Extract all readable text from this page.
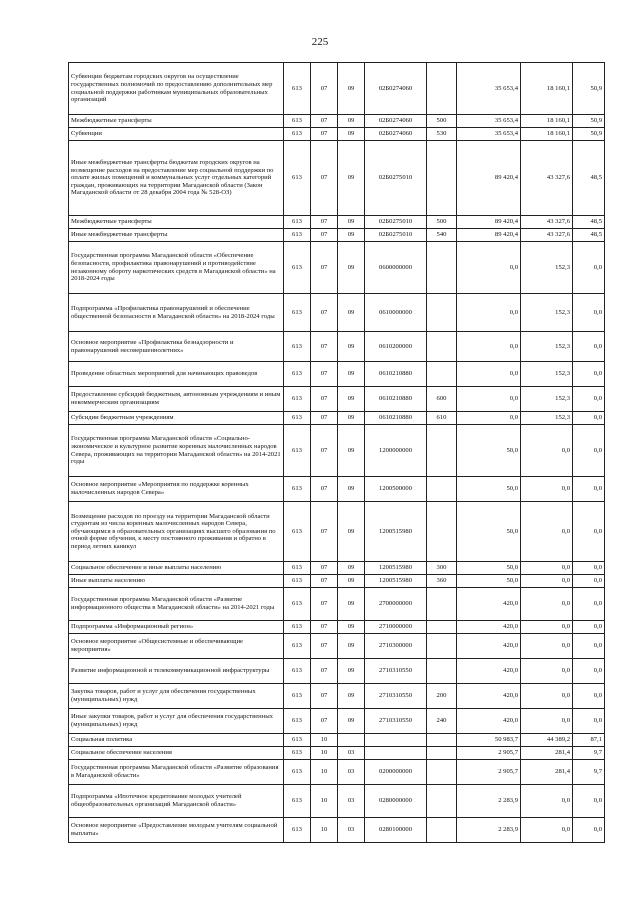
225
Субвенции бюджетам городских округов на осуществление государственных полномочий по предоставлению дополнительных мер социальной поддержки работникам муниципальных образовательных организаций	613	07	09	02Б0274060		35 653,4	18 160,1	50,9
Межбюджетные трансферты	613	07	09	02Б0274060	500	35 653,4	18 160,1	50,9
Субвенции	613	07	09	02Б0274060	530	35 653,4	18 160,1	50,9
Иные межбюджетные трансферты бюджетам городских округов на возмещение расходов на предоставление мер социальной поддержки по оплате жилых помещений и коммунальных услуг отдельных категорий граждан, проживающих на территории Магаданской области (Закон Магаданской области от 28 декабря 2004 года № 528-ОЗ)	613	07	09	02Б0275010		89 420,4	43 327,6	48,5
Межбюджетные трансферты	613	07	09	02Б0275010	500	89 420,4	43 327,6	48,5
Иные межбюджетные трансферты	613	07	09	02Б0275010	540	89 420,4	43 327,6	48,5
Государственная программа Магаданской области «Обеспечение безопасности, профилактика правонарушений и противодействие незаконному обороту наркотических средств в Магаданской области» на 2018-2024 годы	613	07	09	0600000000		0,0	152,3	0,0
Подпрограмма «Профилактика правонарушений и обеспечение общественной безопасности в Магаданской области» на 2018-2024 годы	613	07	09	0610000000		0,0	152,3	0,0
Основное мероприятие «Профилактика безнадзорности и правонарушений несовершеннолетних»	613	07	09	0610200000		0,0	152,3	0,0
Проведение областных мероприятий для начинающих правоведов	613	07	09	0610210880		0,0	152,3	0,0
Предоставление субсидий бюджетным, автономным учреждениям и иным некоммерческим организациям	613	07	09	0610210880	600	0,0	152,3	0,0
Субсидии бюджетным учреждениям	613	07	09	0610210880	610	0,0	152,3	0,0
Государственная программа Магаданской области «Социально-экономическое и культурное развитие коренных малочисленных народов Севера, проживающих на территории Магаданской области» на 2014-2021 годы	613	07	09	1200000000		50,0	0,0	0,0
Основное мероприятие «Мероприятия по поддержке коренных малочисленных народов Севера»	613	07	09	1200500000		50,0	0,0	0,0
Возмещение расходов по проезду на территории Магаданской области студентам из числа коренных малочисленных народов Севера, обучающимся в образовательных организациях высшего образования по очной форме обучения, к месту постоянного проживания и обратно в период летних каникул	613	07	09	1200515980		50,0	0,0	0,0
Социальное обеспечение и иные выплаты населению	613	07	09	1200515980	300	50,0	0,0	0,0
Иные выплаты населению	613	07	09	1200515980	360	50,0	0,0	0,0
Государственная программа Магаданской области «Развитие информационного общества в Магаданской области» на 2014-2021 годы	613	07	09	2700000000		420,0	0,0	0,0
Подпрограмма «Информационный регион»	613	07	09	2710000000		420,0	0,0	0,0
Основное мероприятие «Общесистемные и обеспечивающие мероприятия»	613	07	09	2710300000		420,0	0,0	0,0
Развитие информационной и телекоммуникационной инфраструктуры	613	07	09	2710310550		420,0	0,0	0,0
Закупка товаров, работ и услуг для обеспечения государственных (муниципальных) нужд	613	07	09	2710310550	200	420,0	0,0	0,0
Иные закупки товаров, работ и услуг для обеспечения государственных (муниципальных) нужд	613	07	09	2710310550	240	420,0	0,0	0,0
Социальная политика	613	10				50 983,7	44 389,2	87,1
Социальное обеспечение населения	613	10	03			2 905,7	281,4	9,7
Государственная программа Магаданской области «Развитие образования в Магаданской области»	613	10	03	0200000000		2 905,7	281,4	9,7
Подпрограмма «Ипотечное кредитование молодых учителей общеобразовательных организаций Магаданской области»	613	10	03	0280000000		2 283,9	0,0	0,0
Основное мероприятие «Предоставление молодым учителям социальной выплаты»	613	10	03	0280100000		2 283,9	0,0	0,0
